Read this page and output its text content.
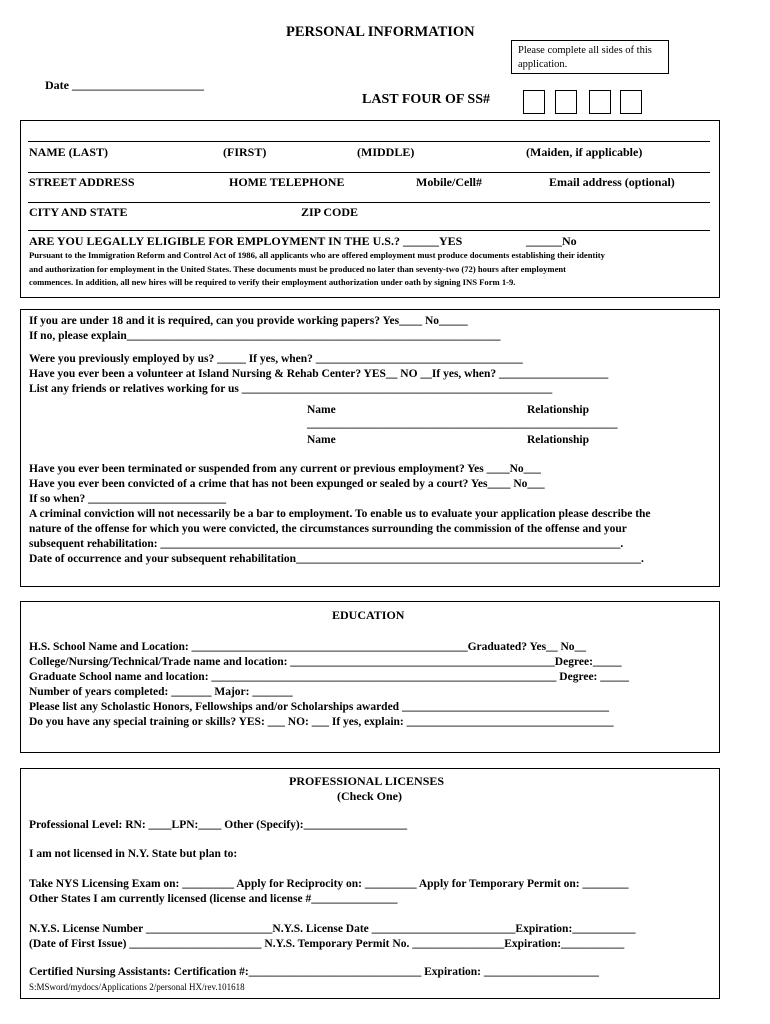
PERSONAL INFORMATION
Please complete all sides of this application.
Date ______________________
LAST FOUR OF SS#
NAME (LAST)	(FIRST)	(MIDDLE)	(Maiden, if applicable)
STREET ADDRESS	HOME TELEPHONE	Mobile/Cell#	Email address (optional)
CITY AND STATE	ZIP CODE
ARE YOU LEGALLY ELIGIBLE FOR EMPLOYMENT IN THE U.S.? ______YES	______No
Pursuant to the Immigration Reform and Control Act of 1986, all applicants who are offered employment must produce documents establishing their identity
and authorization for employment in the United States. These documents must be produced no later than seventy-two (72) hours after employment
commences. In addition, all new hires will be required to verify their employment authorization under oath by signing INS Form 1-9.
If you are under 18 and it is required, can you provide working papers? Yes____ No_____
If no, please explain_________________________________________________________________
Were you previously employed by us? _____ If yes, when? ____________________________________
Have you ever been a volunteer at Island Nursing & Rehab Center? YES__ NO __If yes, when? ___________________
List any friends or relatives working for us ______________________________________________________
Name	Relationship
______________________________________________________
Name	Relationship
Have you ever been terminated or suspended from any current or previous employment? Yes ____No___
Have you ever been convicted of a crime that has not been expunged or sealed by a court? Yes____ No___
If so when? ________________________
A criminal conviction will not necessarily be a bar to employment. To enable us to evaluate your application please describe the
nature of the offense for which you were convicted, the circumstances surrounding the commission of the offense and your
subsequent rehabilitation: ________________________________________________________________________________.
Date of occurrence and your subsequent rehabilitation____________________________________________________________.
EDUCATION
H.S. School Name and Location: ________________________________________________Graduated? Yes__ No__
College/Nursing/Technical/Trade name and location: ______________________________________________Degree:_____
Graduate School name and location: ____________________________________________________________ Degree: _____
Number of years completed: _______ Major: _______
Please list any Scholastic Honors, Fellowships and/or Scholarships awarded ____________________________________
Do you have any special training or skills? YES: ___ NO: ___ If yes, explain: ____________________________________
PROFESSIONAL LICENSES
(Check One)
Professional Level: RN: ____LPN:____ Other (Specify):__________________
I am not licensed in N.Y. State but plan to:
Take NYS Licensing Exam on: _________ Apply for Reciprocity on: _________ Apply for Temporary Permit on: ________
Other States I am currently licensed (license and license #_______________
N.Y.S. License Number ______________________N.Y.S. License Date _________________________Expiration:___________
(Date of First Issue) _______________________ N.Y.S. Temporary Permit No. ________________Expiration:___________
Certified Nursing Assistants: Certification #:______________________________ Expiration: ____________________
S:MSword/mydocs/Applications 2/personal HX/rev.101618
